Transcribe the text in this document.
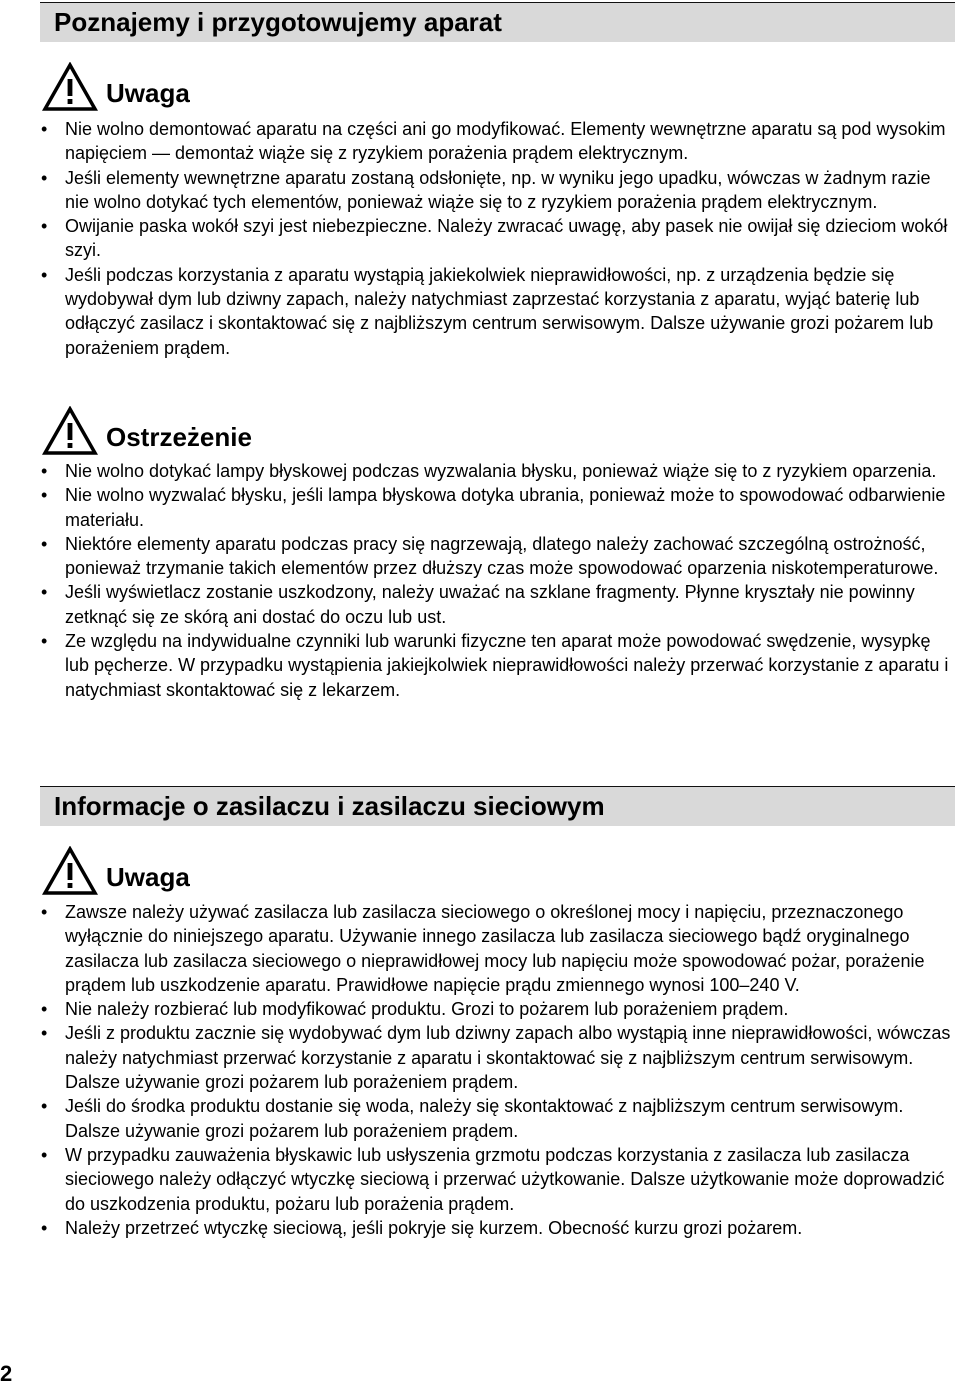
Poznajemy i przygotowujemy aparat
Uwaga
• Nie wolno demontować aparatu na części ani go modyfikować. Elementy wewnętrzne aparatu są pod wysokim napięciem — demontaż wiąże się z ryzykiem porażenia prądem elektrycznym.
• Jeśli elementy wewnętrzne aparatu zostaną odsłonięte, np. w wyniku jego upadku, wówczas w żadnym razie nie wolno dotykać tych elementów, ponieważ wiąże się to z ryzykiem porażenia prądem elektrycznym.
• Owijanie paska wokół szyi jest niebezpieczne. Należy zwracać uwagę, aby pasek nie owijał się dzieciom wokół szyi.
• Jeśli podczas korzystania z aparatu wystąpią jakiekolwiek nieprawidłowości, np. z urządzenia będzie się wydobywał dym lub dziwny zapach, należy natychmiast zaprzestać korzystania z aparatu, wyjąć baterię lub odłączyć zasilacz i skontaktować się z najbliższym centrum serwisowym. Dalsze używanie grozi pożarem lub porażeniem prądem.
Ostrzeżenie
• Nie wolno dotykać lampy błyskowej podczas wyzwalania błysku, ponieważ wiąże się to z ryzykiem oparzenia.
• Nie wolno wyzwalać błysku, jeśli lampa błyskowa dotyka ubrania, ponieważ może to spowodować odbarwienie materiału.
• Niektóre elementy aparatu podczas pracy się nagrzewają, dlatego należy zachować szczególną ostrożność, ponieważ trzymanie takich elementów przez dłuższy czas może spowodować oparzenia niskotemperaturowe.
• Jeśli wyświetlacz zostanie uszkodzony, należy uważać na szklane fragmenty. Płynne kryształy nie powinny zetknąć się ze skórą ani dostać do oczu lub ust.
• Ze względu na indywidualne czynniki lub warunki fizyczne ten aparat może powodować swędzenie, wysypkę lub pęcherze. W przypadku wystąpienia jakiejkolwiek nieprawidłowości należy przerwać korzystanie z aparatu i natychmiast skontaktować się z lekarzem.
Informacje o zasilaczu i zasilaczu sieciowym
Uwaga
• Zawsze należy używać zasilacza lub zasilacza sieciowego o określonej mocy i napięciu, przeznaczonego wyłącznie do niniejszego aparatu. Używanie innego zasilacza lub zasilacza sieciowego bądź oryginalnego zasilacza lub zasilacza sieciowego o nieprawidłowej mocy lub napięciu może spowodować pożar, porażenie prądem lub uszkodzenie aparatu. Prawidłowe napięcie prądu zmiennego wynosi 100–240 V.
• Nie należy rozbierać lub modyfikować produktu. Grozi to pożarem lub porażeniem prądem.
• Jeśli z produktu zacznie się wydobywać dym lub dziwny zapach albo wystąpią inne nieprawidłowości, wówczas należy natychmiast przerwać korzystanie z aparatu i skontaktować się z najbliższym centrum serwisowym. Dalsze używanie grozi pożarem lub porażeniem prądem.
• Jeśli do środka produktu dostanie się woda, należy się skontaktować z najbliższym centrum serwisowym. Dalsze używanie grozi pożarem lub porażeniem prądem.
• W przypadku zauważenia błyskawic lub usłyszenia grzmotu podczas korzystania z zasilacza lub zasilacza sieciowego należy odłączyć wtyczkę sieciową i przerwać użytkowanie. Dalsze użytkowanie może doprowadzić do uszkodzenia produktu, pożaru lub porażenia prądem.
• Należy przetrzeć wtyczkę sieciową, jeśli pokryje się kurzem. Obecność kurzu grozi pożarem.
2
